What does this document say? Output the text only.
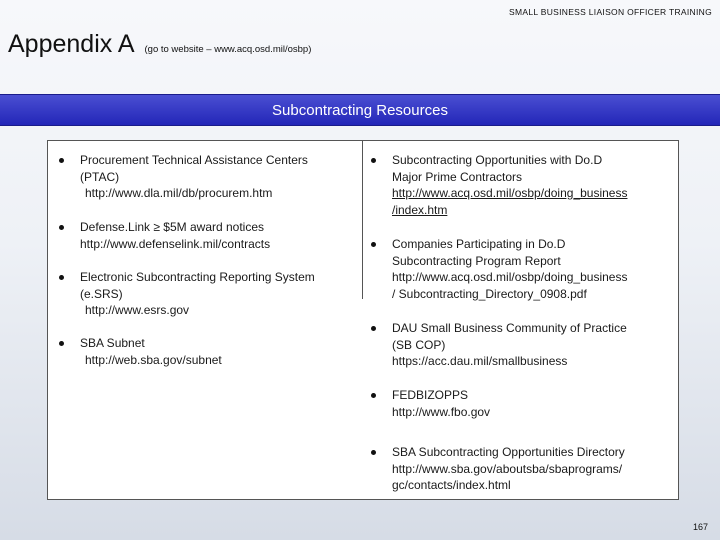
SMALL BUSINESS LIAISON OFFICER TRAINING
Appendix A (go to website – www.acq.osd.mil/osbp)
Subcontracting Resources
Procurement Technical Assistance Centers
(PTAC)
http://www.dla.mil/db/procurem.htm
Defense.Link ≥ $5M award notices
http://www.defenselink.mil/contracts
Electronic Subcontracting Reporting System
(e.SRS)
http://www.esrs.gov
SBA Subnet
http://web.sba.gov/subnet
Subcontracting Opportunities with Do.D
Major Prime Contractors
http://www.acq.osd.mil/osbp/doing_business
/index.htm
Companies Participating in Do.D
Subcontracting Program Report
http://www.acq.osd.mil/osbp/doing_business
/ Subcontracting_Directory_0908.pdf
DAU Small Business Community of Practice
(SB COP)
https://acc.dau.mil/smallbusiness
FEDBIZOPPS
http://www.fbo.gov
SBA Subcontracting Opportunities Directory
http://www.sba.gov/aboutsba/sbaprograms/
gc/contacts/index.html
167
